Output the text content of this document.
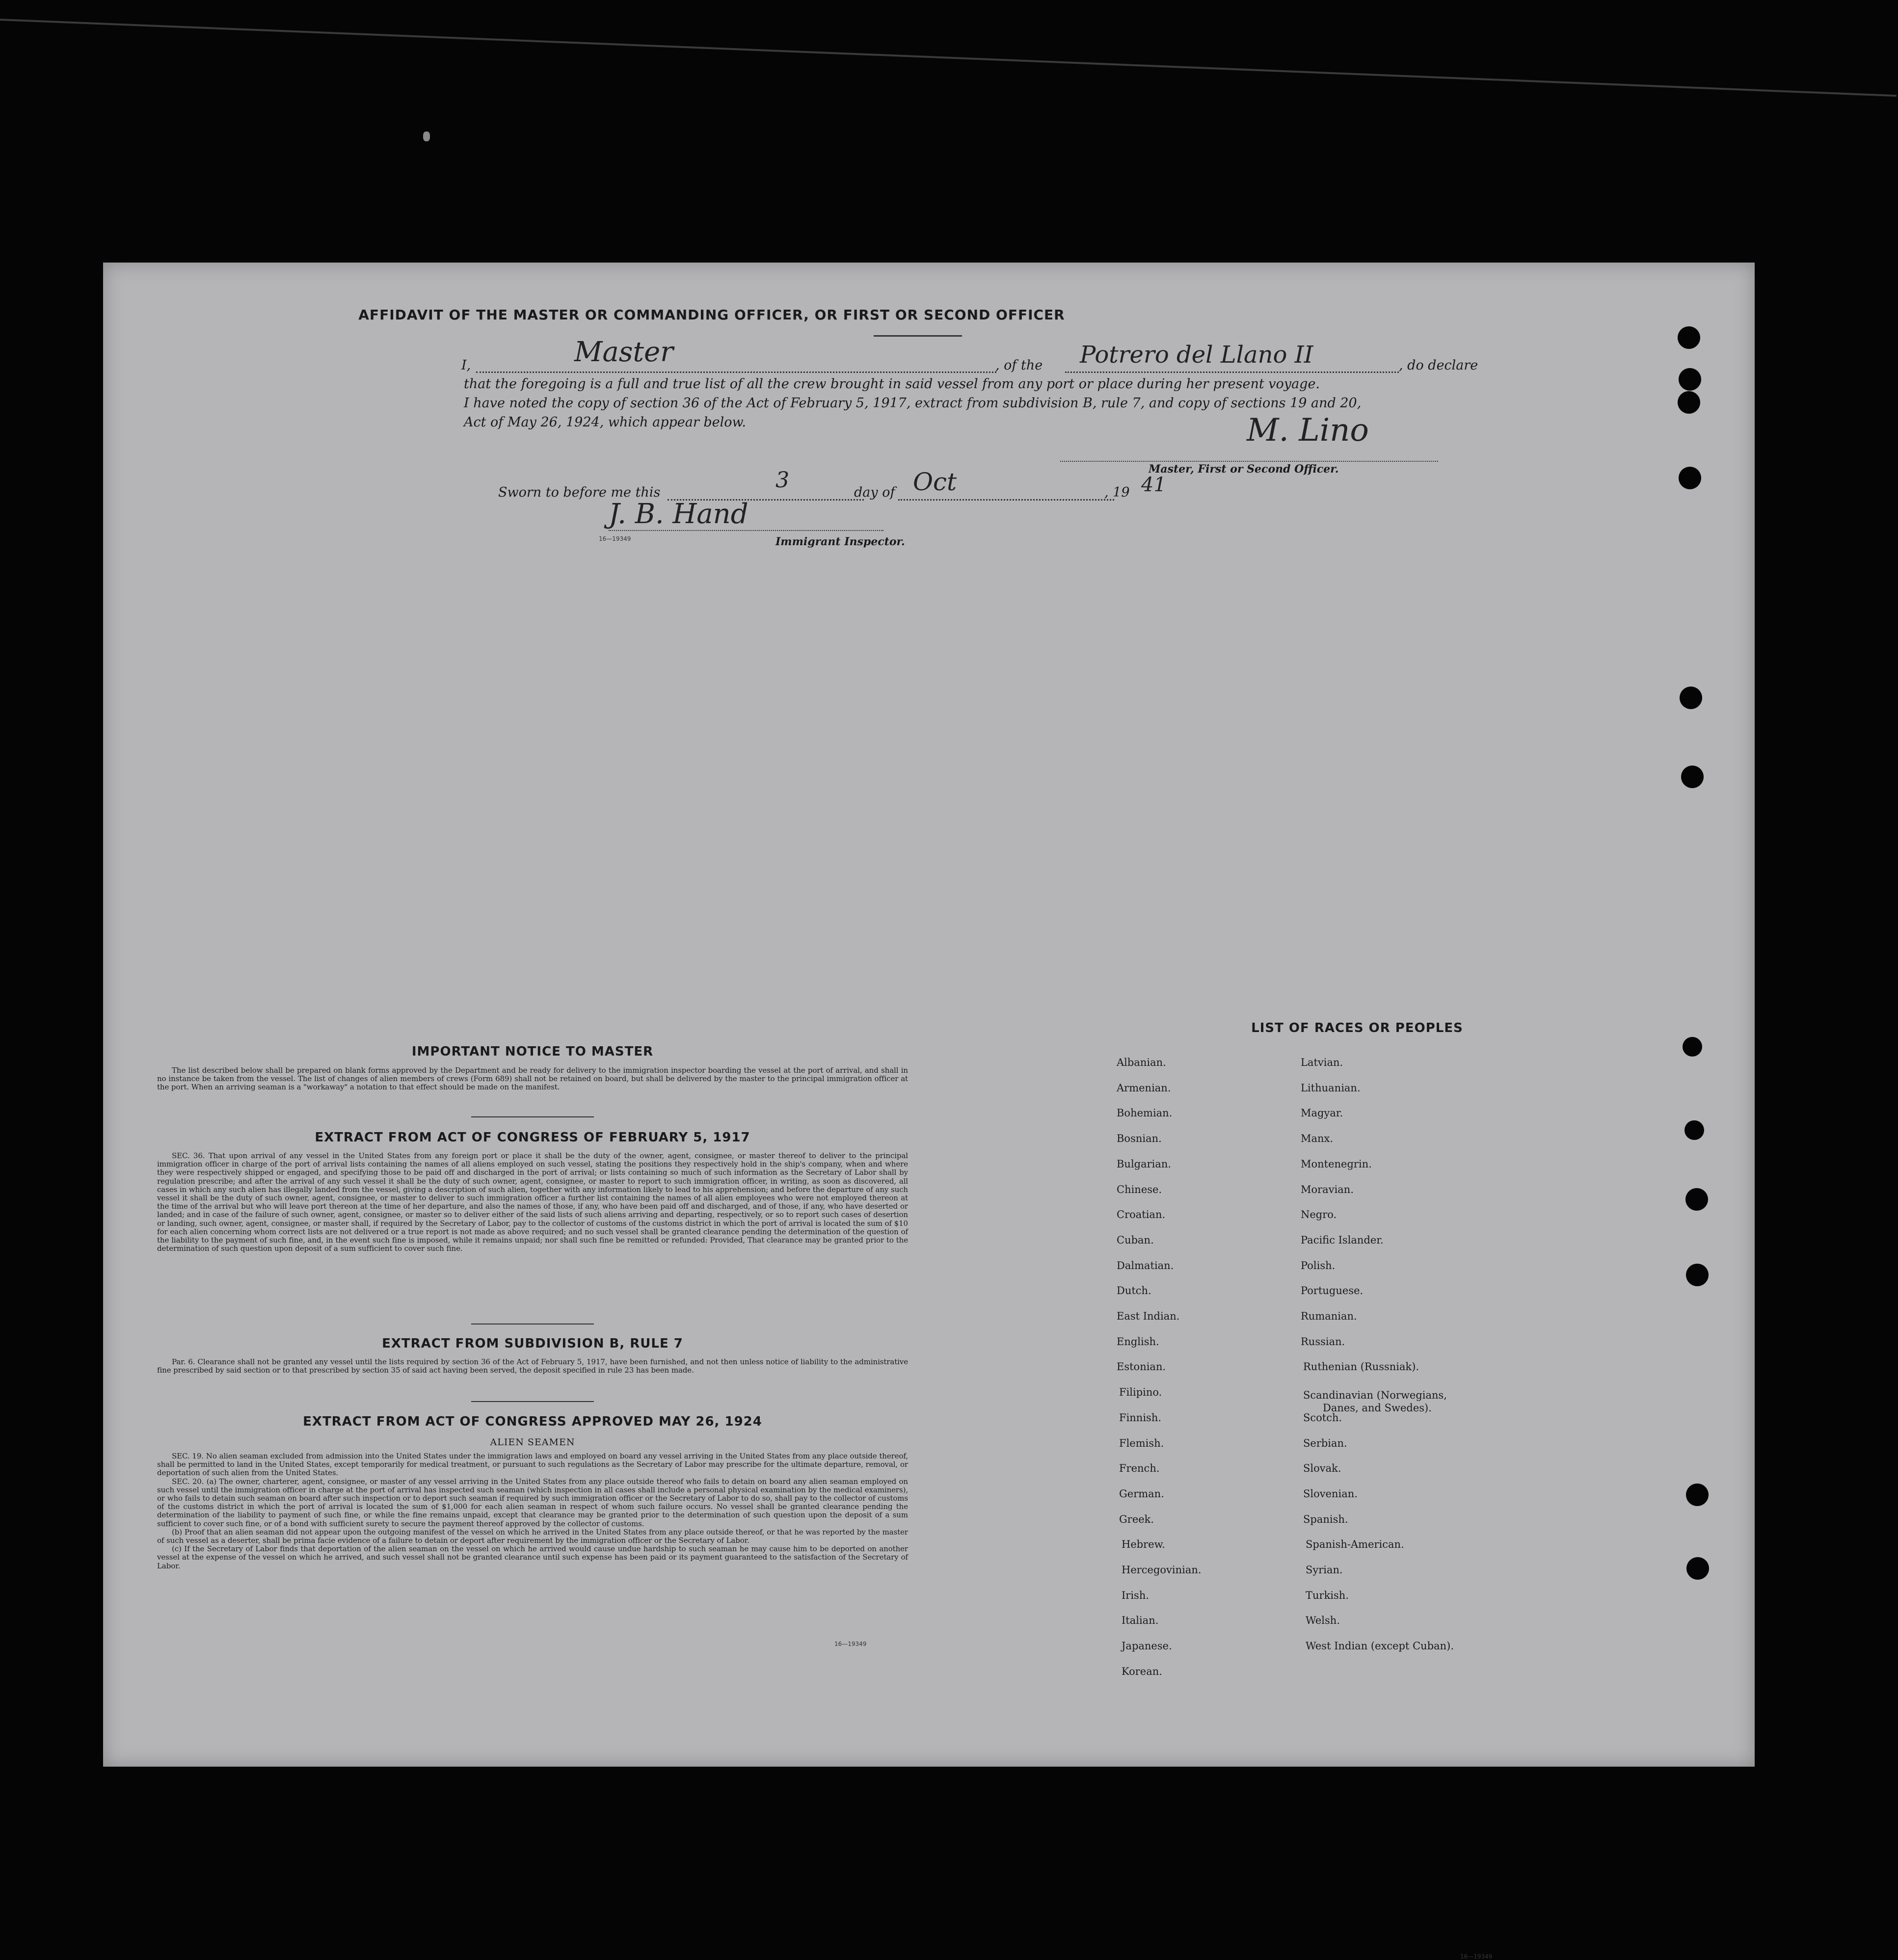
AFFIDAVIT OF THE MASTER OR COMMANDING OFFICER, OR FIRST OR SECOND OFFICER
I,	Master	, of the Potrero del Llano II	, do declare
that the foregoing is a full and true list of all the crew brought in said vessel from any port or place during her present voyage.
I have noted the copy of section 36 of the Act of February 5, 1917, extract from subdivision B, rule 7, and copy of sections 19 and 20,
Act of May 26, 1924, which appear below.	M. Lino
Master, First or Second Officer.
Sworn to before me this	3	day of Oct	, 19 41
J. B. Hand
16—19349	Immigrant Inspector.
IMPORTANT NOTICE TO MASTER

The list described below shall be prepared on blank forms approved by the Department and be ready for delivery to the immigration inspector boarding the vessel at the port of arrival, and shall in no instance be taken from the vessel. The list of changes of alien members of crews (Form 689) shall not be retained on board, but shall be delivered by the master to the principal immigration officer at the port. When an arriving seaman is a "workaway" a notation to that effect should be made on the manifest.

EXTRACT FROM ACT OF CONGRESS OF FEBRUARY 5, 1917

SEC. 36. That upon arrival of any vessel in the United States from any foreign port or place it shall be the duty of the owner, agent, consignee, or master thereof to deliver to the principal immigration officer in charge of the port of arrival lists containing the names of all aliens employed on such vessel, stating the positions they respectively hold in the ship's company, when and where they were respectively shipped or engaged, and specifying those to be paid off and discharged in the port of arrival; or lists containing so much of such information as the Secretary of Labor shall by regulation prescribe; and after the arrival of any such vessel it shall be the duty of such owner, agent, consignee, or master to report to such immigration officer, in writing, as soon as discovered, all cases in which any such alien has illegally landed from the vessel, giving a description of such alien, together with any information likely to lead to his apprehension; and before the departure of any such vessel it shall be the duty of such owner, agent, consignee, or master to deliver to such immigration officer a further list containing the names of all alien employees who were not employed thereon at the time of the arrival but who will leave port thereon at the time of her departure, and also the names of those, if any, who have been paid off and discharged, and of those, if any, who have deserted or landed; and in case of the failure of such owner, agent, consignee, or master so to deliver either of the said lists of such aliens arriving and departing, respectively, or so to report such cases of desertion or landing, such owner, agent, consignee, or master shall, if required by the Secretary of Labor, pay to the collector of customs of the customs district in which the port of arrival is located the sum of $10 for each alien concerning whom correct lists are not delivered or a true report is not made as above required; and no such vessel shall be granted clearance pending the determination of the question of the liability to the payment of such fine, and, in the event such fine is imposed, while it remains unpaid; nor shall such fine be remitted or refunded: Provided, That clearance may be granted prior to the determination of such question upon deposit of a sum sufficient to cover such fine.

EXTRACT FROM SUBDIVISION B, RULE 7

Par. 6. Clearance shall not be granted any vessel until the lists required by section 36 of the Act of February 5, 1917, have been furnished, and not then unless notice of liability to the administrative fine prescribed by said section or to that prescribed by section 35 of said act having been served, the deposit specified in rule 23 has been made.

EXTRACT FROM ACT OF CONGRESS APPROVED MAY 26, 1924
ALIEN SEAMEN

SEC. 19. No alien seaman excluded from admission into the United States under the immigration laws and employed on board any vessel arriving in the United States from any place outside thereof, shall be permitted to land in the United States, except temporarily for medical treatment, or pursuant to such regulations as the Secretary of Labor may prescribe for the ultimate departure, removal, or deportation of such alien from the United States.

SEC. 20. (a) The owner, charterer, agent, consignee, or master of any vessel arriving in the United States from any place outside thereof who fails to detain on board any alien seaman employed on such vessel until the immigration officer in charge at the port of arrival has inspected such seaman (which inspection in all cases shall include a personal physical examination by the medical examiners), or who fails to detain such seaman on board after such inspection or to deport such seaman if required by such immigration officer or the Secretary of Labor to do so, shall pay to the collector of customs of the customs district in which the port of arrival is located the sum of $1,000 for each alien seaman in respect of whom such failure occurs. No vessel shall be granted clearance pending the determination of the liability to payment of such fine, or while the fine remains unpaid, except that clearance may be granted prior to the determination of such question upon the deposit of a sum sufficient to cover such fine, or of a bond with sufficient surety to secure the payment thereof approved by the collector of customs.

(b) Proof that an alien seaman did not appear upon the outgoing manifest of the vessel on which he arrived in the United States from any place outside thereof, or that he was reported by the master of such vessel as a deserter, shall be prima facie evidence of a failure to detain or deport after requirement by the immigration officer or the Secretary of Labor.

(c) If the Secretary of Labor finds that deportation of the alien seaman on the vessel on which he arrived would cause undue hardship to such seaman he may cause him to be deported on another vessel at the expense of the vessel on which he arrived, and such vessel shall not be granted clearance until such expense has been paid or its payment guaranteed to the satisfaction of the Secretary of Labor.

16—19349
LIST OF RACES OR PEOPLES
16—19349
Albanian.
Armenian.
Bohemian.
Bosnian.
Bulgarian.
Chinese.
Croatian.
Cuban.
Dalmatian.
Dutch.
East Indian.
English.
Estonian.
Filipino.
Finnish.
Flemish.
French.
German.
Greek.
Hebrew.
Hercegovinian.
Irish.
Italian.
Japanese.
Korean.
Latvian.
Lithuanian.
Magyar.
Manx.
Montenegrin.
Moravian.
Negro.
Pacific Islander.
Polish.
Portuguese.
Rumanian.
Russian.
Ruthenian (Russniak).
Scandinavian (Norwegians,
Danes, and Swedes).
Scotch.
Serbian.
Slovak.
Slovenian.
Spanish.
Spanish-American.
Syrian.
Turkish.
Welsh.
West Indian (except Cuban).
